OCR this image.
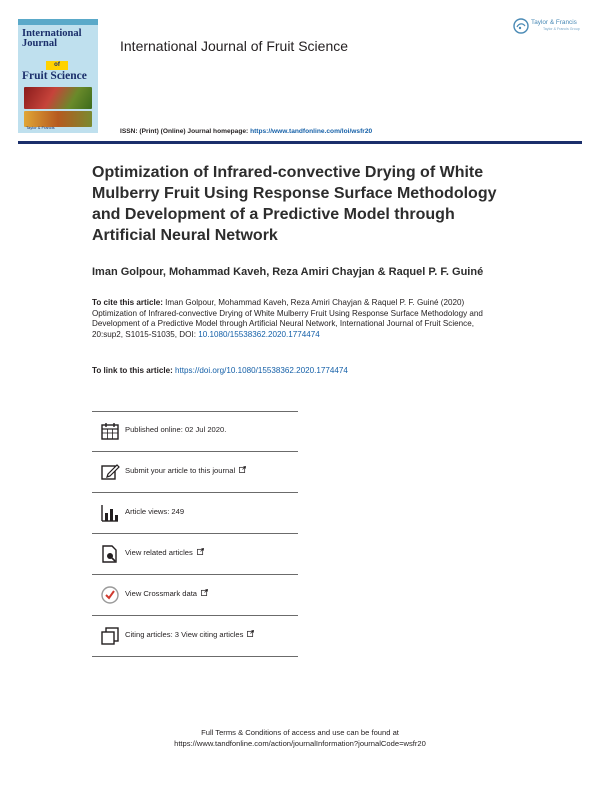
International Journal
of
Fruit Science
Taylor & Francis
International Journal of Fruit Science
ISSN: (Print) (Online) Journal homepage: https://www.tandfonline.com/loi/wsfr20
Taylor & Francis
Taylor & Francis Group
Optimization of Infrared-convective Drying of White Mulberry Fruit Using Response Surface Methodology and Development of a Predictive Model through Artificial Neural Network
Iman Golpour, Mohammad Kaveh, Reza Amiri Chayjan & Raquel P. F. Guiné
To cite this article: Iman Golpour, Mohammad Kaveh, Reza Amiri Chayjan & Raquel P. F. Guiné (2020) Optimization of Infrared-convective Drying of White Mulberry Fruit Using Response Surface Methodology and Development of a Predictive Model through Artificial Neural Network, International Journal of Fruit Science, 20:sup2, S1015-S1035, DOI: 10.1080/15538362.2020.1774474
To link to this article: https://doi.org/10.1080/15538362.2020.1774474
Published online: 02 Jul 2020.
Submit your article to this journal
Article views: 249
View related articles
View Crossmark data
Citing articles: 3 View citing articles
Full Terms & Conditions of access and use can be found at
https://www.tandfonline.com/action/journalInformation?journalCode=wsfr20
